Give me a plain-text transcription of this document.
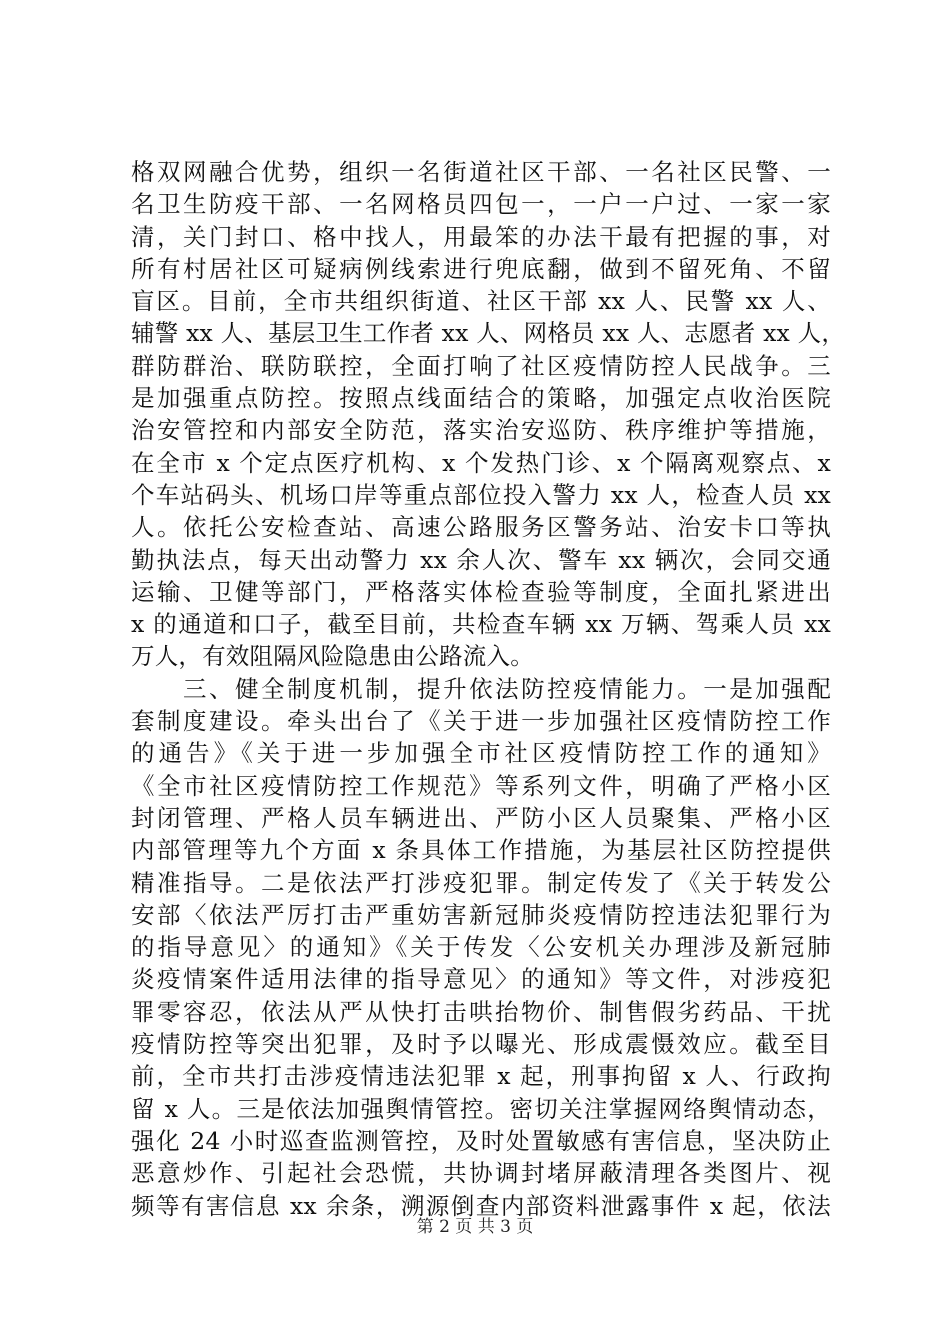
格双网融合优势，组织一名街道社区干部、一名社区民警、一
名卫生防疫干部、一名网格员四包一，一户一户过、一家一家
清，关门封口、格中找人，用最笨的办法干最有把握的事，对
所有村居社区可疑病例线索进行兜底翻，做到不留死角、不留
盲区。目前，全市共组织街道、社区干部 xx 人、民警 xx 人、
辅警 xx 人、基层卫生工作者 xx 人、网格员 xx 人、志愿者 xx 人，
群防群治、联防联控，全面打响了社区疫情防控人民战争。三
是加强重点防控。按照点线面结合的策略，加强定点收治医院
治安管控和内部安全防范，落实治安巡防、秩序维护等措施，
在全市 x 个定点医疗机构、x 个发热门诊、x 个隔离观察点、x
个车站码头、机场口岸等重点部位投入警力 xx 人，检查人员 xx
人。依托公安检查站、高速公路服务区警务站、治安卡口等执
勤执法点，每天出动警力 xx 余人次、警车 xx 辆次，会同交通
运输、卫健等部门，严格落实体检查验等制度，全面扎紧进出
x 的通道和口子，截至目前，共检查车辆 xx 万辆、驾乘人员 xx
万人，有效阻隔风险隐患由公路流入。
　　三、健全制度机制，提升依法防控疫情能力。一是加强配
套制度建设。牵头出台了《关于进一步加强社区疫情防控工作
的通告》《关于进一步加强全市社区疫情防控工作的通知》
《全市社区疫情防控工作规范》等系列文件，明确了严格小区
封闭管理、严格人员车辆进出、严防小区人员聚集、严格小区
内部管理等九个方面 x 条具体工作措施，为基层社区防控提供
精准指导。二是依法严打涉疫犯罪。制定传发了《关于转发公
安部〈依法严厉打击严重妨害新冠肺炎疫情防控违法犯罪行为
的指导意见〉的通知》《关于传发〈公安机关办理涉及新冠肺
炎疫情案件适用法律的指导意见〉的通知》等文件，对涉疫犯
罪零容忍，依法从严从快打击哄抬物价、制售假劣药品、干扰
疫情防控等突出犯罪，及时予以曝光、形成震慑效应。截至目
前，全市共打击涉疫情违法犯罪 x 起，刑事拘留 x 人、行政拘
留 x 人。三是依法加强舆情管控。密切关注掌握网络舆情动态，
强化 24 小时巡查监测管控，及时处置敏感有害信息，坚决防止
恶意炒作、引起社会恐慌，共协调封堵屏蔽清理各类图片、视
频等有害信息 xx 余条，溯源倒查内部资料泄露事件 x 起，依法
第 2 页 共 3 页
